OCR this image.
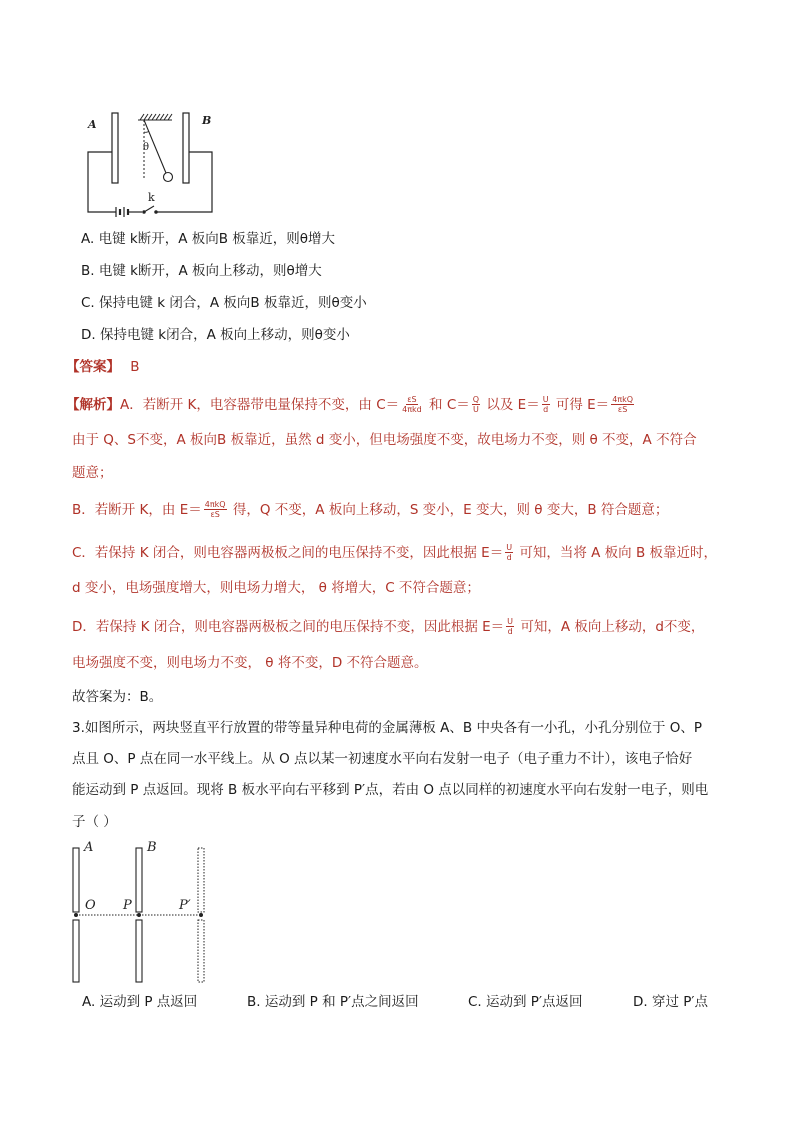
θ
A	B
k
A. 电键 k断开，A 板向B 板靠近，则θ增大
B. 电键 k断开，A 板向上移动，则θ增大
C. 保持电键 k 闭合，A 板向B 板靠近，则θ变小
D. 保持电键 k闭合，A 板向上移动，则θ变小
【答案】 B
【解析】A．若断开 K，电容器带电量保持不变，由 $C= \frac{\varepsilon S}{\text{4πkd}}$ 和 $C= \frac{Q}{U}$ 以及 $E= \frac{U}{d}$ 可得 $E= \frac{\text{4πkQ}}{\varepsilon S}$
由于 Q、S不变，A 板向B 板靠近，虽然 d 变小，但电场强度不变，故电场力不变，则 θ 不变，A 不符合
题意；
B．若断开 K，由 $E= \frac{\text{4πkQ}}{\varepsilon S}$ 得，Q 不变，A 板向上移动，S 变小，E 变大，则 θ 变大，B 符合题意；
C．若保持 K 闭合，则电容器两极板之间的电压保持不变，因此根据 $E= \frac{U}{d}$ 可知，当将 A 板向 B 板靠近时，
d 变小，电场强度增大，则电场力增大， θ 将增大，C 不符合题意；
D．若保持 K 闭合，则电容器两极板之间的电压保持不变，因此根据 $E= \frac{U}{d}$ 可知，A 板向上移动，d不变，
电场强度不变，则电场力不变， θ 将不变，D 不符合题意。
故答案为：B。
3.如图所示，两块竖直平行放置的带等量异种电荷的金属薄板 A、B 中央各有一小孔，小孔分别位于 O、P
点且 O、P 点在同一水平线上。从 O 点以某一初速度水平向右发射一电子（电子重力不计），该电子恰好
能运动到 P 点返回。现将 B 板水平向右平移到 P′点，若由 O 点以同样的初速度水平向右发射一电子，则电
子（ ）
A	B
O P	P′
A. 运动到 P 点返回	B. 运动到 P 和 P′点之间返回	C. 运动到 P′点返回	D. 穿过 P′点
